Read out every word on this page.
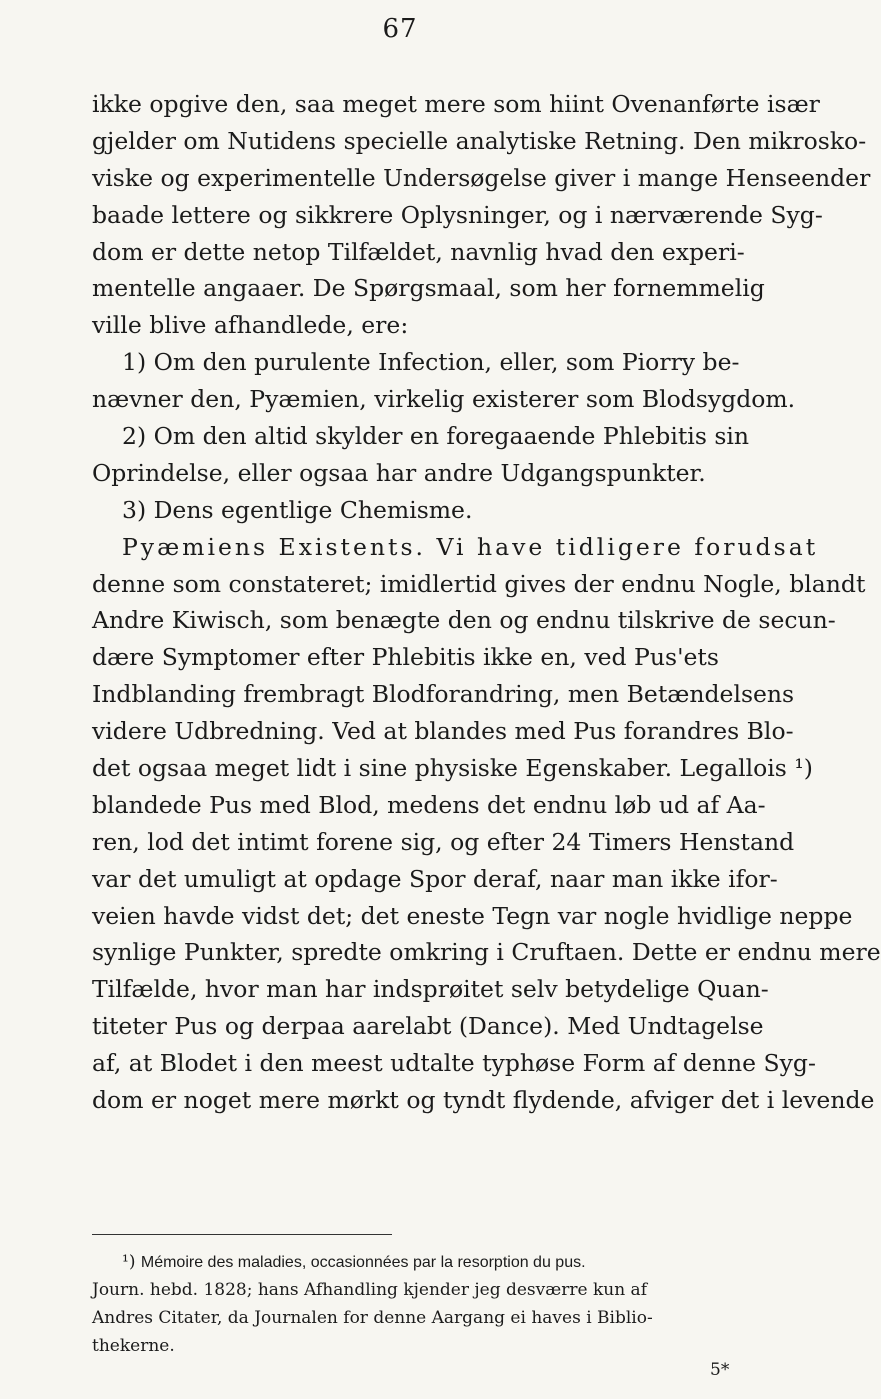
67
ikke opgive den, saa meget mere som hiint Ovenanførte især
gjelder om Nutidens specielle analytiske Retning. Den mikrosko-
viske og experimentelle Undersøgelse giver i mange Henseender
baade lettere og sikkrere Oplysninger, og i nærværende Syg-
dom er dette netop Tilfældet, navnlig hvad den experi-
mentelle angaaer. De Spørgsmaal, som her fornemmelig
ville blive afhandlede, ere:
1) Om den purulente Infection, eller, som Piorry be-
nævner den, Pyæmien, virkelig existerer som Blodsygdom.
2) Om den altid skylder en foregaaende Phlebitis sin
Oprindelse, eller ogsaa har andre Udgangspunkter.
3) Dens egentlige Chemisme.
Pyæmiens Existents. Vi have tidligere forudsat
denne som constateret; imidlertid gives der endnu Nogle, blandt
Andre Kiwisch, som benægte den og endnu tilskrive de secun-
dære Symptomer efter Phlebitis ikke en, ved Pus'ets
Indblanding frembragt Blodforandring, men Betændelsens
videre Udbredning. Ved at blandes med Pus forandres Blo-
det ogsaa meget lidt i sine physiske Egenskaber. Legallois ¹)
blandede Pus med Blod, medens det endnu løb ud af Aa-
ren, lod det intimt forene sig, og efter 24 Timers Henstand
var det umuligt at opdage Spor deraf, naar man ikke ifor-
veien havde vidst det; det eneste Tegn var nogle hvidlige neppe
synlige Punkter, spredte omkring i Cruftaen. Dette er endnu mere
Tilfælde, hvor man har indsprøitet selv betydelige Quan-
titeter Pus og derpaa aarelabt (Dance). Med Undtagelse
af, at Blodet i den meest udtalte typhøse Form af denne Syg-
dom er noget mere mørkt og tyndt flydende, afviger det i levende
¹) Mémoire des maladies, occasionnées par la resorption du pus.
Journ. hebd. 1828; hans Afhandling kjender jeg desværre kun af
Andres Citater, da Journalen for denne Aargang ei haves i Biblio-
thekerne.
5*
